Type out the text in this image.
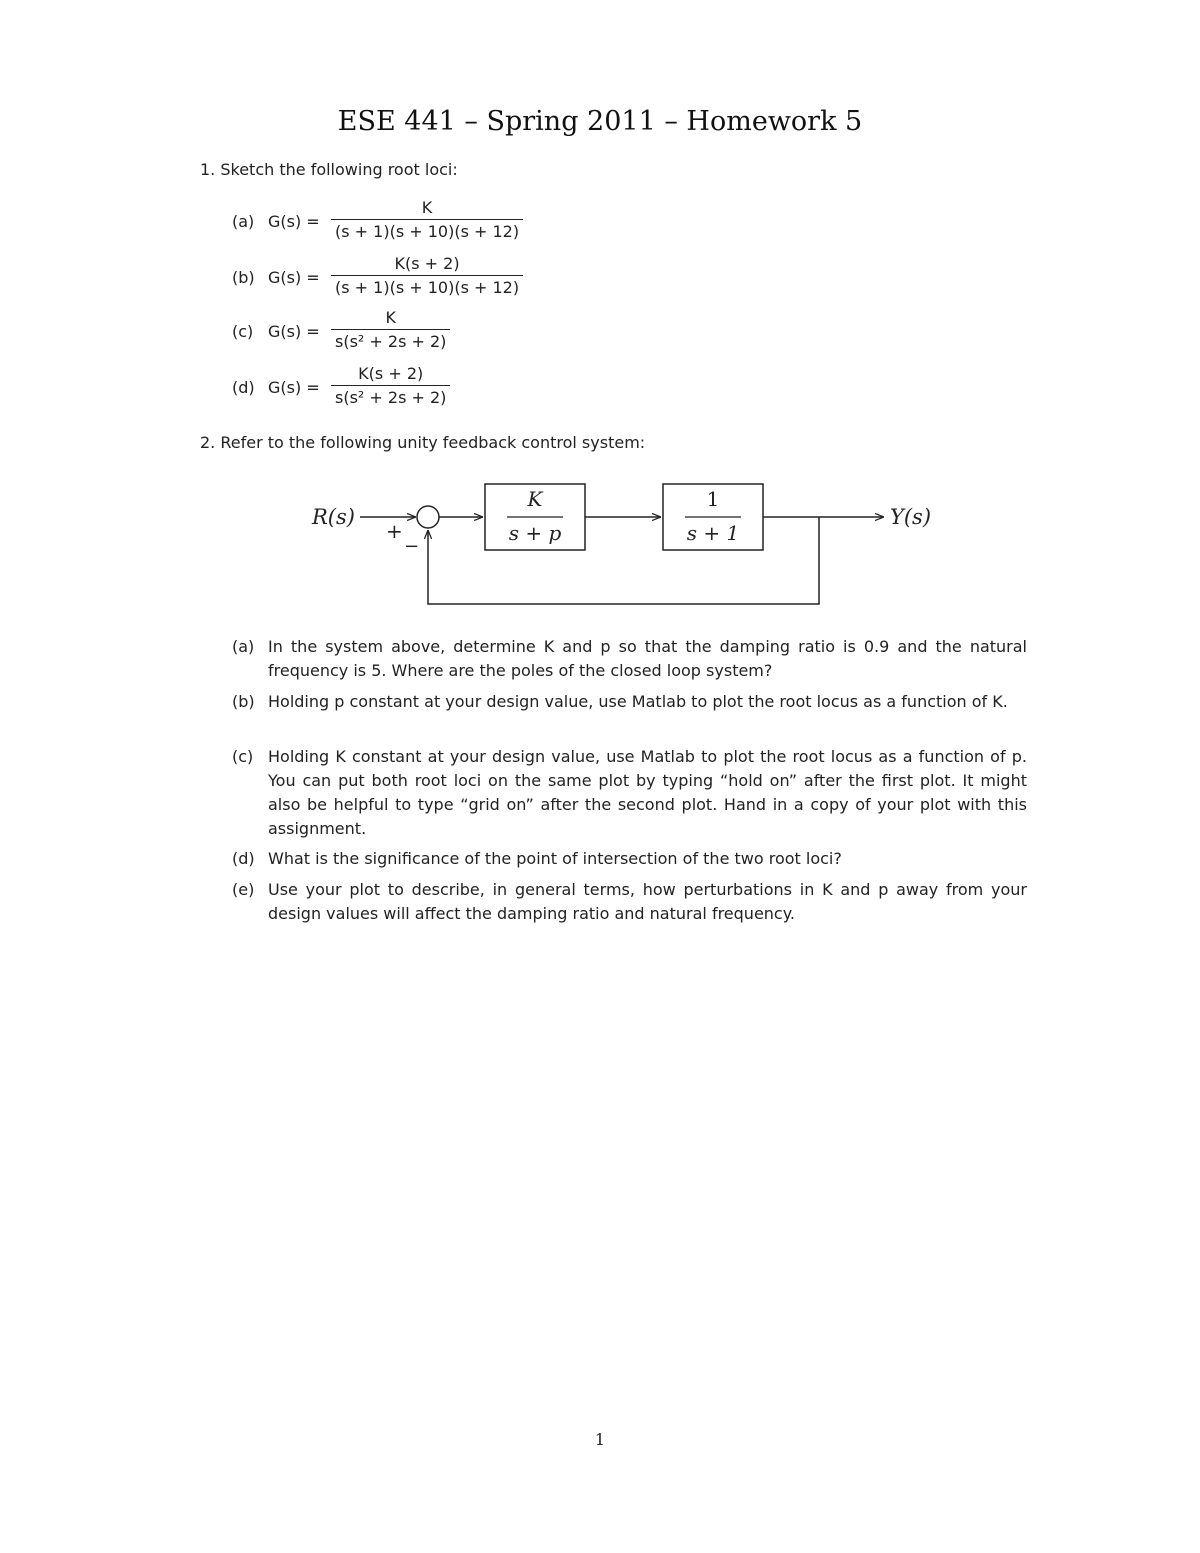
ESE 441 – Spring 2011 – Homework 5
1. Sketch the following root loci:
(a) $G(s) = \frac{K}{(s + 1)(s + 10)(s + 12)}$
(b) $G(s) = \frac{K(s + 2)}{(s + 1)(s + 10)(s + 12)}$
(c) $G(s) = \frac{K}{\text{s(s² + 2s + 2)}}$
(d) $G(s) = \frac{K(s + 2)}{\text{s(s² + 2s + 2)}}$
2. Refer to the following unity feedback control system:
R(s)
+
−
K
s + p
1
s + 1
Y(s)
(a) In the system above, determine K and p so that the damping ratio is 0.9 and the natural frequency is 5. Where are the poles of the closed loop system?
(b) Holding p constant at your design value, use Matlab to plot the root locus as a function of K.
(c) Holding K constant at your design value, use Matlab to plot the root locus as a function of p. You can put both root loci on the same plot by typing “hold on” after the first plot. It might also be helpful to type “grid on” after the second plot. Hand in a copy of your plot with this assignment.
(d) What is the significance of the point of intersection of the two root loci?
(e) Use your plot to describe, in general terms, how perturbations in K and p away from your design values will affect the damping ratio and natural frequency.
1
